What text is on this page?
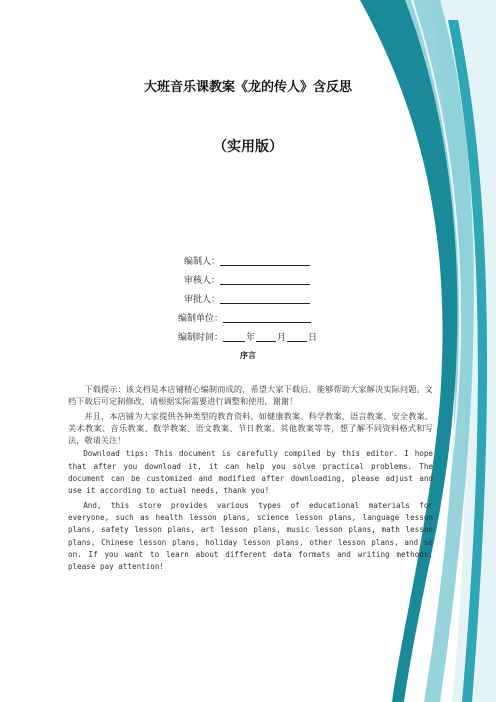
大班音乐课教案《龙的传人》含反思
（实用版）
编制人：
审核人：
审批人：
编制单位：
编制时间：	年 月 日
序言

下载提示：该文档是本店铺精心编制而成的，希望大家下载后，能够帮助大家解决实际问题。文档下载后可定制修改，请根据实际需要进行调整和使用，谢谢！

并且，本店铺为大家提供各种类型的教育资料，如健康教案、科学教案、语言教案、安全教案、美术教案、音乐教案、数学教案、语文教案、节日教案、其他教案等等，想了解不同资料格式和写法，敬请关注！

Download tips: This document is carefully compiled by this editor. I hope that after you download it, it can help you solve practical problems. The document can be customized and modified after downloading, please adjust and use it according to actual needs, thank you!

And, this store provides various types of educational materials for everyone, such as health lesson plans, science lesson plans, language lesson plans, safety lesson plans, art lesson plans, music lesson plans, math lesson plans, Chinese lesson plans, holiday lesson plans, other lesson plans, and so on. If you want to learn about different data formats and writing methods, please pay attention!
